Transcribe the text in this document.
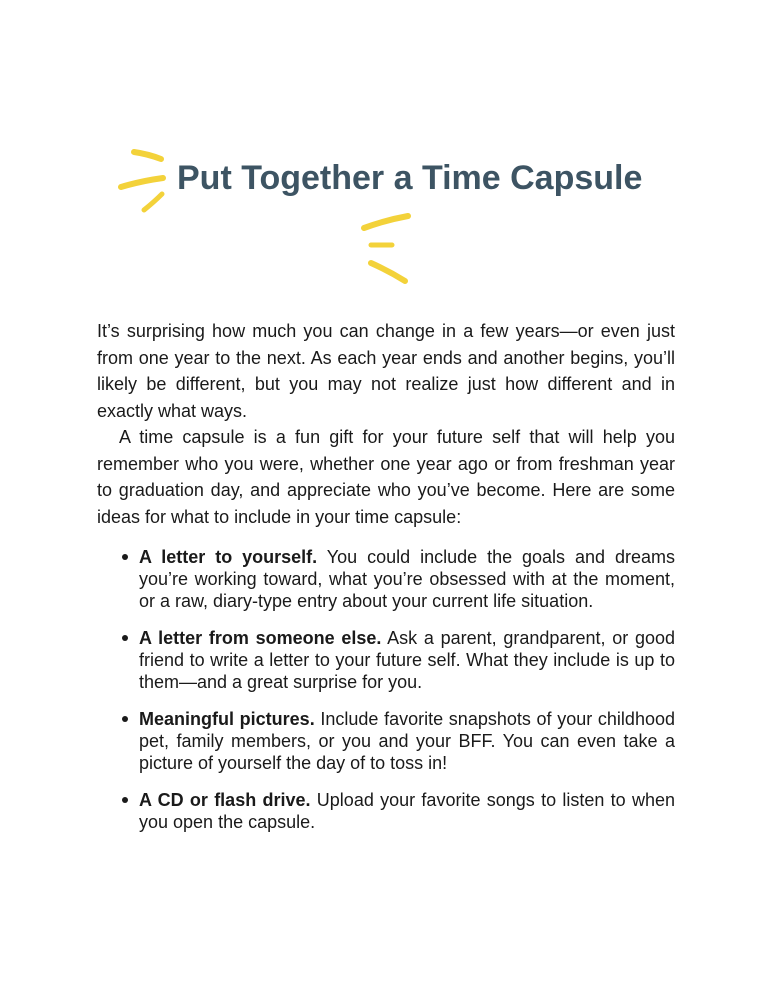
Put Together a Time Capsule

It’s surprising how much you can change in a few years—or even just from one year to the next. As each year ends and another begins, you’ll likely be different, but you may not realize just how different and in exactly what ways.

A time capsule is a fun gift for your future self that will help you remember who you were, whether one year ago or from freshman year to graduation day, and appreciate who you’ve become. Here are some ideas for what to include in your time capsule:

A letter to yourself. You could include the goals and dreams you’re working toward, what you’re obsessed with at the moment, or a raw, diary-type entry about your current life situation.
A letter from someone else. Ask a parent, grandparent, or good friend to write a letter to your future self. What they include is up to them—and a great surprise for you.
Meaningful pictures. Include favorite snapshots of your childhood pet, family members, or you and your BFF. You can even take a picture of yourself the day of to toss in!
A CD or flash drive. Upload your favorite songs to listen to when you open the capsule.
